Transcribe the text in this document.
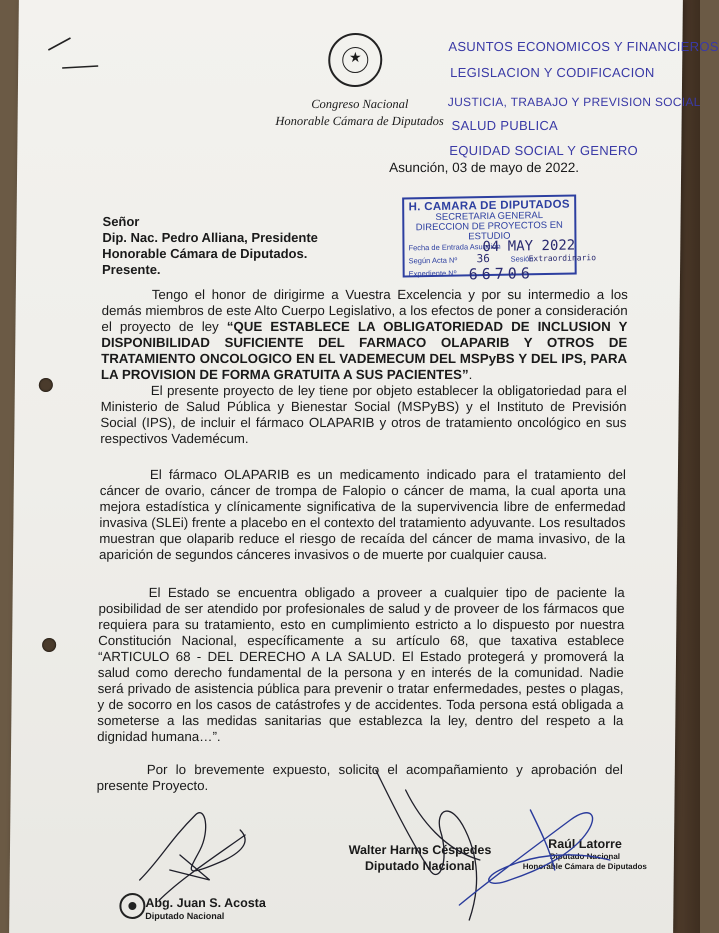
★
Congreso Nacional
Honorable Cámara de Diputados
ASUNTOS ECONOMICOS Y FINANCIEROS
LEGISLACION Y CODIFICACION
JUSTICIA, TRABAJO Y PREVISION SOCIAL
SALUD PUBLICA
EQUIDAD SOCIAL Y GENERO
Asunción, 03 de mayo de 2022.
H. CAMARA DE DIPUTADOS
SECRETARIA GENERAL
DIRECCION DE PROYECTOS EN ESTUDIO
Fecha de Entrada Asunción
04 MAY 2022
Según Acta Nº 36	Sesión
Extraordinario
Expediente Nº 66706
Señor
Dip. Nac. Pedro Alliana, Presidente
Honorable Cámara de Diputados.
Presente.
Tengo el honor de dirigirme a Vuestra Excelencia y por su intermedio a los demás miembros de este Alto Cuerpo Legislativo, a los efectos de poner a consideración el proyecto de ley “QUE ESTABLECE LA OBLIGATORIEDAD DE INCLUSION Y DISPONIBILIDAD SUFICIENTE DEL FARMACO OLAPARIB Y OTROS DE TRATAMIENTO ONCOLOGICO EN EL VADEMECUM DEL MSPyBS Y DEL IPS, PARA LA PROVISION DE FORMA GRATUITA A SUS PACIENTES”.
El presente proyecto de ley tiene por objeto establecer la obligatoriedad para el Ministerio de Salud Pública y Bienestar Social (MSPyBS) y el Instituto de Previsión Social (IPS), de incluir el fármaco OLAPARIB y otros de tratamiento oncológico en sus respectivos Vademécum.
El fármaco OLAPARIB es un medicamento indicado para el tratamiento del cáncer de ovario, cáncer de trompa de Falopio o cáncer de mama, la cual aporta una mejora estadística y clínicamente significativa de la supervivencia libre de enfermedad invasiva (SLEi) frente a placebo en el contexto del tratamiento adyuvante. Los resultados muestran que olaparib reduce el riesgo de recaída del cáncer de mama invasivo, de la aparición de segundos cánceres invasivos o de muerte por cualquier causa.
El Estado se encuentra obligado a proveer a cualquier tipo de paciente la posibilidad de ser atendido por profesionales de salud y de proveer de los fármacos que requiera para su tratamiento, esto en cumplimiento estricto a lo dispuesto por nuestra Constitución Nacional, específicamente a su artículo 68, que taxativa establece “ARTICULO 68 - DEL DERECHO A LA SALUD. El Estado protegerá y promoverá la salud como derecho fundamental de la persona y en interés de la comunidad. Nadie será privado de asistencia pública para prevenir o tratar enfermedades, pestes o plagas, y de socorro en los casos de catástrofes y de accidentes. Toda persona está obligada a someterse a las medidas sanitarias que establezca la ley, dentro del respeto a la dignidad humana…”.
Por lo brevemente expuesto, solicito el acompañamiento y aprobación del presente Proyecto.
Walter Harms Céspedes
Diputado Nacional
Raúl Latorre
Diputado Nacional
Honorable Cámara de Diputados
Abg. Juan S. Acosta
Diputado Nacional
